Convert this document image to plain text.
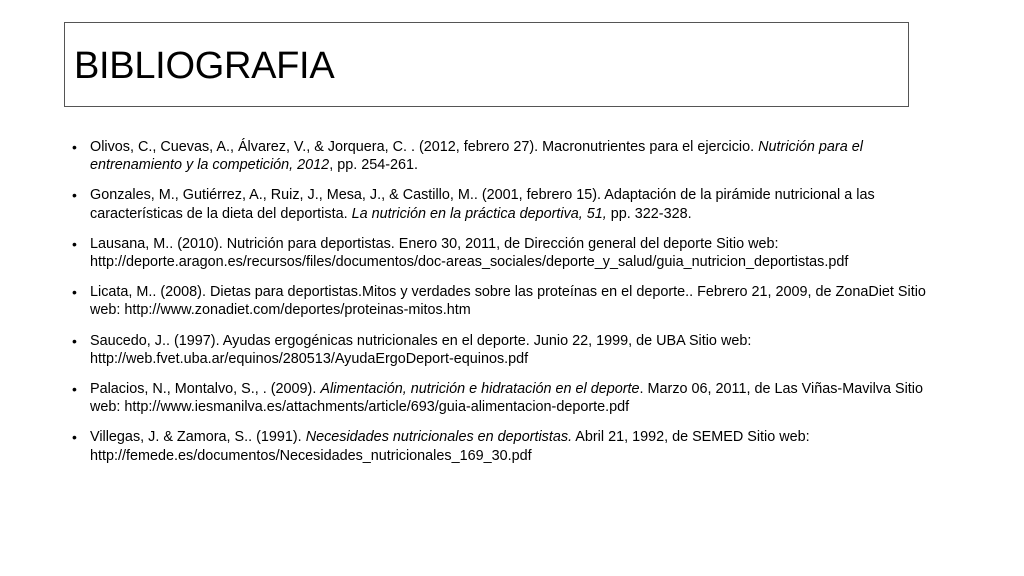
BIBLIOGRAFIA
• Olivos, C., Cuevas, A., Álvarez, V., & Jorquera, C. . (2012, febrero 27). Macronutrientes para el ejercicio. Nutrición para el entrenamiento y la competición, 2012, pp. 254-261.
• Gonzales, M., Gutiérrez, A., Ruiz, J., Mesa, J., & Castillo, M.. (2001, febrero 15). Adaptación de la pirámide nutricional a las características de la dieta del deportista. La nutrición en la práctica deportiva, 51, pp. 322-328.
• Lausana, M.. (2010). Nutrición para deportistas. Enero 30, 2011, de Dirección general del deporte Sitio web: http://deporte.aragon.es/recursos/files/documentos/doc-areas_sociales/deporte_y_salud/guia_nutricion_deportistas.pdf
• Licata, M.. (2008). Dietas para deportistas.Mitos y verdades sobre las proteínas en el deporte.. Febrero 21, 2009, de ZonaDiet Sitio web: http://www.zonadiet.com/deportes/proteinas-mitos.htm
• Saucedo, J.. (1997). Ayudas ergogénicas nutricionales en el deporte. Junio 22, 1999, de UBA Sitio web: http://web.fvet.uba.ar/equinos/280513/AyudaErgoDeport-equinos.pdf
• Palacios, N., Montalvo, S., . (2009). Alimentación, nutrición e hidratación en el deporte. Marzo 06, 2011, de Las Viñas-Mavilva Sitio web: http://www.iesmanilva.es/attachments/article/693/guia-alimentacion-deporte.pdf
• Villegas, J. & Zamora, S.. (1991). Necesidades nutricionales en deportistas. Abril 21, 1992, de SEMED Sitio web: http://femede.es/documentos/Necesidades_nutricionales_169_30.pdf
